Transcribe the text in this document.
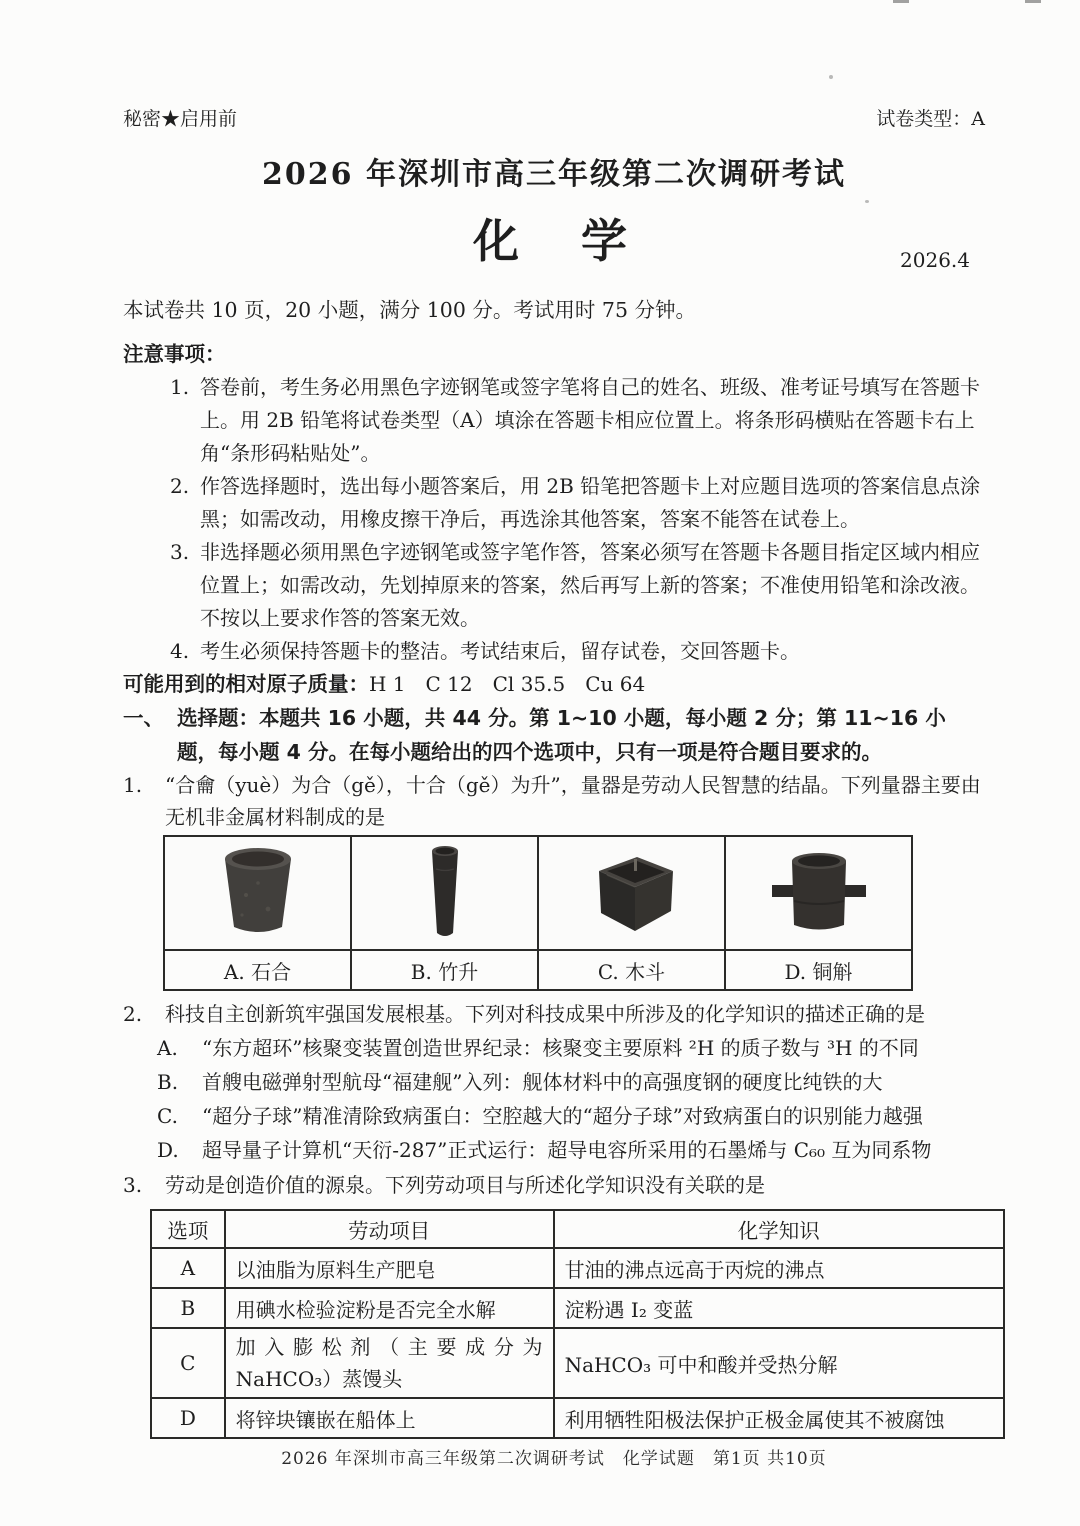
秘密★启用前	试卷类型：A
2026 年深圳市高三年级第二次调研考试
化　学	2026.4

本试卷共 10 页，20 小题，满分 100 分。考试用时 75 分钟。

注意事项：

1. 答卷前，考生务必用黑色字迹钢笔或签字笔将自己的姓名、班级、准考证号填写在答题卡上。用 2B 铅笔将试卷类型（A）填涂在答题卡相应位置上。将条形码横贴在答题卡右上角“条形码粘贴处”。
2. 作答选择题时，选出每小题答案后，用 2B 铅笔把答题卡上对应题目选项的答案信息点涂黑；如需改动，用橡皮擦干净后，再选涂其他答案，答案不能答在试卷上。
3. 非选择题必须用黑色字迹钢笔或签字笔作答，答案必须写在答题卡各题目指定区域内相应位置上；如需改动，先划掉原来的答案，然后再写上新的答案；不准使用铅笔和涂改液。不按以上要求作答的答案无效。
4. 考生必须保持答题卡的整洁。考试结束后，留存试卷，交回答题卡。

可能用到的相对原子质量：H 1　C 12　Cl 35.5　Cu 64

一、 选择题：本题共 16 小题，共 44 分。第 1~10 小题，每小题 2 分；第 11~16 小题，每小题 4 分。在每小题给出的四个选项中，只有一项是符合题目要求的。
1.	“合龠（yuè）为合（gě），十合（gě）为升”，量器是劳动人民智慧的结晶。下列量器主要由无机非金属材料制成的是

A. 石合	B. 竹升	C. 木斗	D. 铜斛
2.	科技自主创新筑牢强国发展根基。下列对科技成果中所涉及的化学知识的描述正确的是
A.	“东方超环”核聚变装置创造世界纪录：核聚变主要原料 ²H 的质子数与 ³H 的不同
B.	首艘电磁弹射型航母“福建舰”入列：舰体材料中的高强度钢的硬度比纯铁的大
C.	“超分子球”精准清除致病蛋白：空腔越大的“超分子球”对致病蛋白的识别能力越强
D.	超导量子计算机“天衍-287”正式运行：超导电容所采用的石墨烯与 C₆₀ 互为同系物
3.	劳动是创造价值的源泉。下列劳动项目与所述化学知识没有关联的是
选项	劳动项目	化学知识
A	以油脂为原料生产肥皂	甘油的沸点远高于丙烷的沸点
B	用碘水检验淀粉是否完全水解	淀粉遇 I₂ 变蓝
C	加入膨松剂（主要成分为 NaHCO₃）蒸馒头	NaHCO₃ 可中和酸并受热分解
D	将锌块镶嵌在船体上	利用牺牲阳极法保护正极金属使其不被腐蚀

2026 年深圳市高三年级第二次调研考试　化学试题　第1页 共10页
